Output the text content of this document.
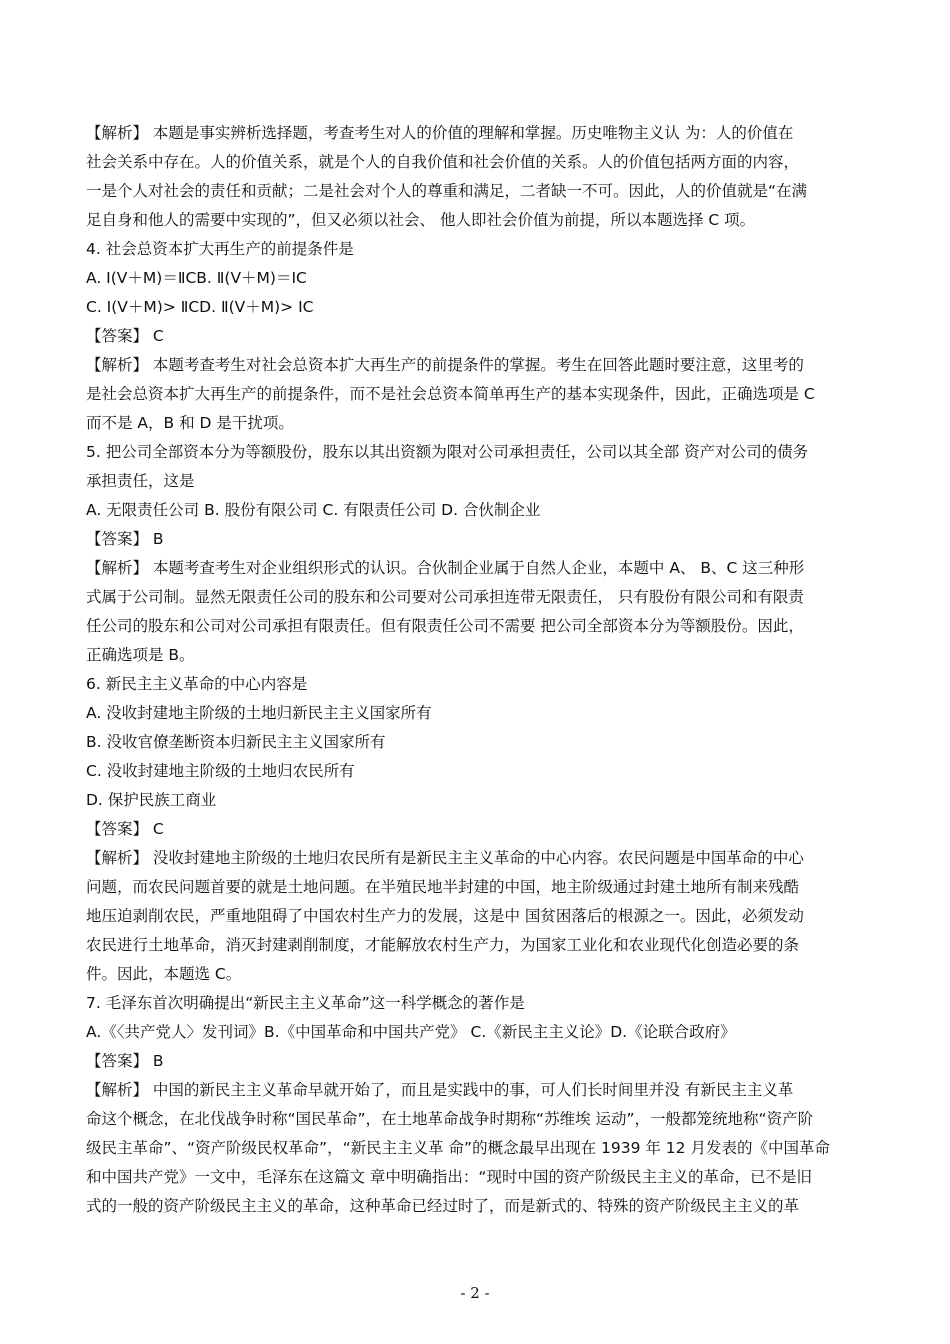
【解析】 本题是事实辨析选择题，考查考生对人的价值的理解和掌握。历史唯物主义认 为：人的价值在
社会关系中存在。人的价值关系，就是个人的自我价值和社会价值的关系。人的价值包括两方面的内容，
一是个人对社会的责任和贡献；二是社会对个人的尊重和满足，二者缺一不可。因此，人的价值就是“在满
足自身和他人的需要中实现的”，但又必须以社会、 他人即社会价值为前提，所以本题选择 C 项。
4. 社会总资本扩大再生产的前提条件是
A. Ⅰ(V＋M)＝ⅡCB. Ⅱ(V＋M)＝ⅠC
C. Ⅰ(V＋M)> ⅡCD. Ⅱ(V＋M)> ⅠC
【答案】 C
【解析】 本题考查考生对社会总资本扩大再生产的前提条件的掌握。考生在回答此题时要注意，这里考的
是社会总资本扩大再生产的前提条件，而不是社会总资本简单再生产的基本实现条件，因此，正确选项是 C
而不是 A，B 和 D 是干扰项。
5. 把公司全部资本分为等额股份，股东以其出资额为限对公司承担责任，公司以其全部 资产对公司的债务
承担责任，这是
A. 无限责任公司 B. 股份有限公司 C. 有限责任公司 D. 合伙制企业
【答案】 B
【解析】 本题考查考生对企业组织形式的认识。合伙制企业属于自然人企业，本题中 A、 B、C 这三种形
式属于公司制。显然无限责任公司的股东和公司要对公司承担连带无限责任， 只有股份有限公司和有限责
任公司的股东和公司对公司承担有限责任。但有限责任公司不需要 把公司全部资本分为等额股份。因此，
正确选项是 B。
6. 新民主主义革命的中心内容是
A. 没收封建地主阶级的土地归新民主主义国家所有
B. 没收官僚垄断资本归新民主主义国家所有
C. 没收封建地主阶级的土地归农民所有
D. 保护民族工商业
【答案】 C
【解析】 没收封建地主阶级的土地归农民所有是新民主主义革命的中心内容。农民问题是中国革命的中心
问题，而农民问题首要的就是土地问题。在半殖民地半封建的中国，地主阶级通过封建土地所有制来残酷
地压迫剥削农民，严重地阻碍了中国农村生产力的发展，这是中 国贫困落后的根源之一。因此，必须发动
农民进行土地革命，消灭封建剥削制度，才能解放农村生产力，为国家工业化和农业现代化创造必要的条
件。因此，本题选 C。
7. 毛泽东首次明确提出“新民主主义革命”这一科学概念的著作是
A.《〈共产党人〉发刊词》B.《中国革命和中国共产党》 C.《新民主主义论》D.《论联合政府》
【答案】 B
【解析】 中国的新民主主义革命早就开始了，而且是实践中的事，可人们长时间里并没 有新民主主义革
命这个概念，在北伐战争时称“国民革命”，在土地革命战争时期称“苏维埃 运动”，一般都笼统地称“资产阶
级民主革命”、“资产阶级民权革命”，“新民主主义革 命”的概念最早出现在 1939 年 12 月发表的《中国革命
和中国共产党》一文中，毛泽东在这篇文 章中明确指出：“现时中国的资产阶级民主主义的革命，已不是旧
式的一般的资产阶级民主主义的革命，这种革命已经过时了，而是新式的、特殊的资产阶级民主主义的革
- 2 -
